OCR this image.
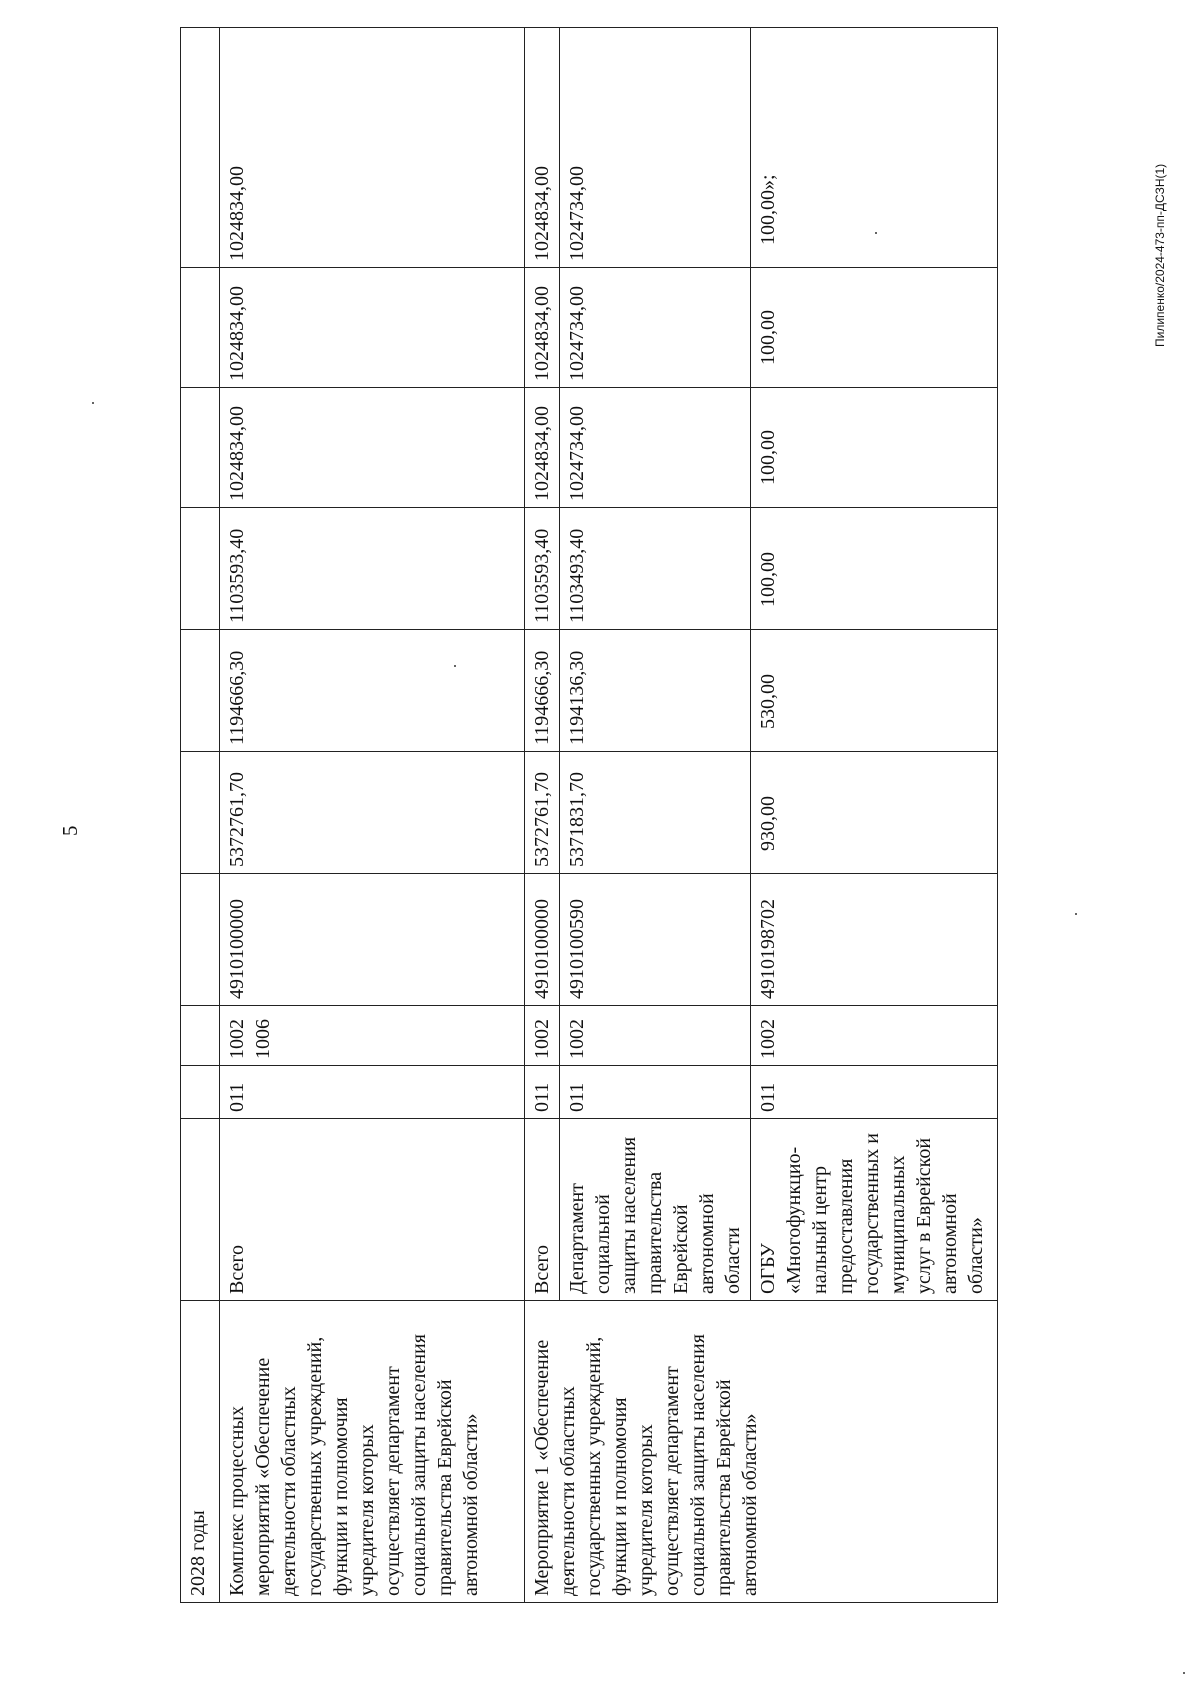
5
Пилипенко/2024-473-пп-ДСЗН(1)
2028 годы										
Комплекс процессных мероприятий «Обеспечение деятельности областных государственных учреждений, функции и полномочия учредителя которых осуществляет департамент социальной защиты населения правительства Еврейской автономной области»	Всего	011	1002 1006	4910100000	5372761,70	1194666,30	1103593,40	1024834,00	1024834,00	1024834,00
Мероприятие 1 «Обеспечение деятельности областных государственных учреждений, функции и полномочия учредителя которых осуществляет департамент социальной защиты населения правительства Еврейской автономной области»	Всего	011	1002	4910100000	5372761,70	1194666,30	1103593,40	1024834,00	1024834,00	1024834,00
	Департамент социальной защиты населения правительства Еврейской автономной области	011	1002	4910100590	5371831,70	1194136,30	1103493,40	1024734,00	1024734,00	1024734,00
	ОГБУ «Многофункцио-нальный центр предоставления государственных и муниципальных услуг в Еврейской автономной области»	011	1002	4910198702	930,00	530,00	100,00	100,00	100,00	100,00»;
